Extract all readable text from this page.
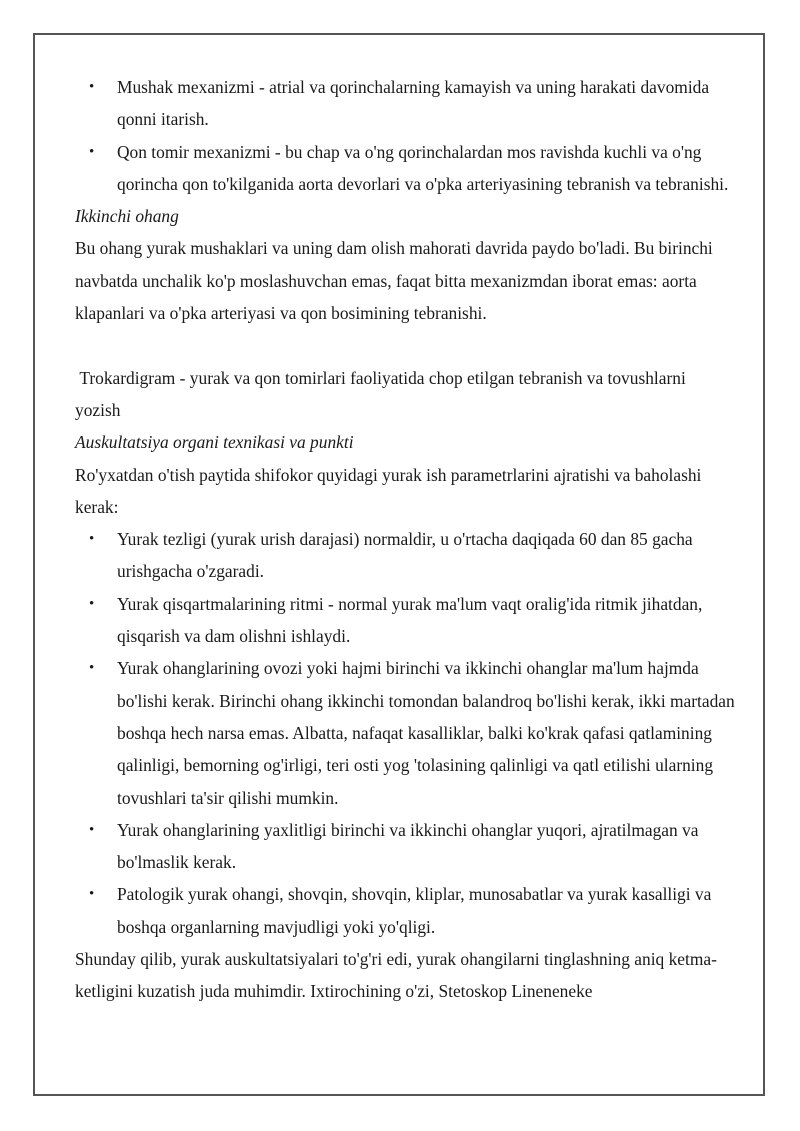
• Mushak mexanizmi - atrial va qorinchalarning kamayish va uning harakati davomida qonni itarish.
• Qon tomir mexanizmi - bu chap va o'ng qorinchalardan mos ravishda kuchli va o'ng qorincha qon to'kilganida aorta devorlari va o'pka arteriyasining tebranish va tebranishi.

Ikkinchi ohang

Bu ohang yurak mushaklari va uning dam olish mahorati davrida paydo bo'ladi. Bu birinchi navbatda unchalik ko'p moslashuvchan emas, faqat bitta mexanizmdan iborat emas: aorta klapanlari va o'pka arteriyasi va qon bosimining tebranishi.

Trokardigram - yurak va qon tomirlari faoliyatida chop etilgan tebranish va tovushlarni yozish

Auskultatsiya organi texnikasi va punkti

Ro'yxatdan o'tish paytida shifokor quyidagi yurak ish parametrlarini ajratishi va baholashi kerak:

• Yurak tezligi (yurak urish darajasi) normaldir, u o'rtacha daqiqada 60 dan 85 gacha urishgacha o'zgaradi.
• Yurak qisqartmalarining ritmi - normal yurak ma'lum vaqt oralig'ida ritmik jihatdan, qisqarish va dam olishni ishlaydi.
• Yurak ohanglarining ovozi yoki hajmi birinchi va ikkinchi ohanglar ma'lum hajmda bo'lishi kerak. Birinchi ohang ikkinchi tomondan balandroq bo'lishi kerak, ikki martadan boshqa hech narsa emas. Albatta, nafaqat kasalliklar, balki ko'krak qafasi qatlamining qalinligi, bemorning og'irligi, teri osti yog 'tolasining qalinligi va qatl etilishi ularning tovushlari ta'sir qilishi mumkin.
• Yurak ohanglarining yaxlitligi birinchi va ikkinchi ohanglar yuqori, ajratilmagan va bo'lmaslik kerak.
• Patologik yurak ohangi, shovqin, shovqin, kliplar, munosabatlar va yurak kasalligi va boshqa organlarning mavjudligi yoki yo'qligi.

Shunday qilib, yurak auskultatsiyalari to'g'ri edi, yurak ohangilarni tinglashning aniq ketma-ketligini kuzatish juda muhimdir. Ixtirochining o'zi, Stetoskop Lineneneke
